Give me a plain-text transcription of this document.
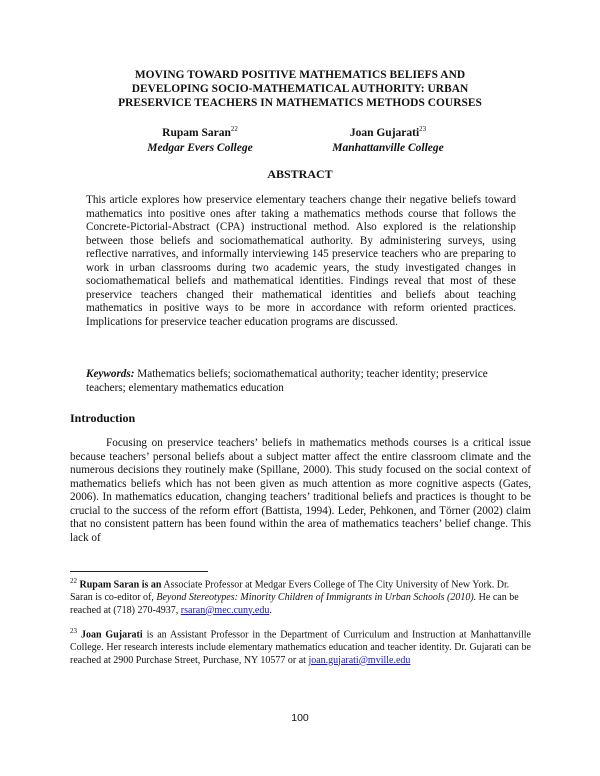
MOVING TOWARD POSITIVE MATHEMATICS BELIEFS AND
DEVELOPING SOCIO-MATHEMATICAL AUTHORITY: URBAN
PRESERVICE TEACHERS IN MATHEMATICS METHODS COURSES
Rupam Saran$^{22}$
Medgar Evers College
Joan Gujarati$^{23}$
Manhattanville College
ABSTRACT

This article explores how preservice elementary teachers change their negative beliefs toward mathematics into positive ones after taking a mathematics methods course that follows the Concrete-Pictorial-Abstract (CPA) instructional method. Also explored is the relationship between those beliefs and sociomathematical authority. By administering surveys, using reflective narratives, and informally interviewing 145 preservice teachers who are preparing to work in urban classrooms during two academic years, the study investigated changes in sociomathematical beliefs and mathematical identities. Findings reveal that most of these preservice teachers changed their mathematical identities and beliefs about teaching mathematics in positive ways to be more in accordance with reform oriented practices. Implications for preservice teacher education programs are discussed.

Keywords: Mathematics beliefs; sociomathematical authority; teacher identity; preservice teachers; elementary mathematics education

Introduction

Focusing on preservice teachers’ beliefs in mathematics methods courses is a critical issue because teachers’ personal beliefs about a subject matter affect the entire classroom climate and the numerous decisions they routinely make (Spillane, 2000). This study focused on the social context of mathematics beliefs which has not been given as much attention as more cognitive aspects (Gates, 2006). In mathematics education, changing teachers’ traditional beliefs and practices is thought to be crucial to the success of the reform effort (Battista, 1994). Leder, Pehkonen, and Törner (2002) claim that no consistent pattern has been found within the area of mathematics teachers’ belief change. This lack of

$^{22}$ Rupam Saran is an Associate Professor at Medgar Evers College of The City University of New York. Dr. Saran is co-editor of, Beyond Stereotypes: Minority Children of Immigrants in Urban Schools (2010). He can be reached at (718) 270-4937, rsaran@mec.cuny.edu.

$^{23}$ Joan Gujarati is an Assistant Professor in the Department of Curriculum and Instruction at Manhattanville College. Her research interests include elementary mathematics education and teacher identity. Dr. Gujarati can be reached at 2900 Purchase Street, Purchase, NY 10577 or at joan.gujarati@mville.edu

100
